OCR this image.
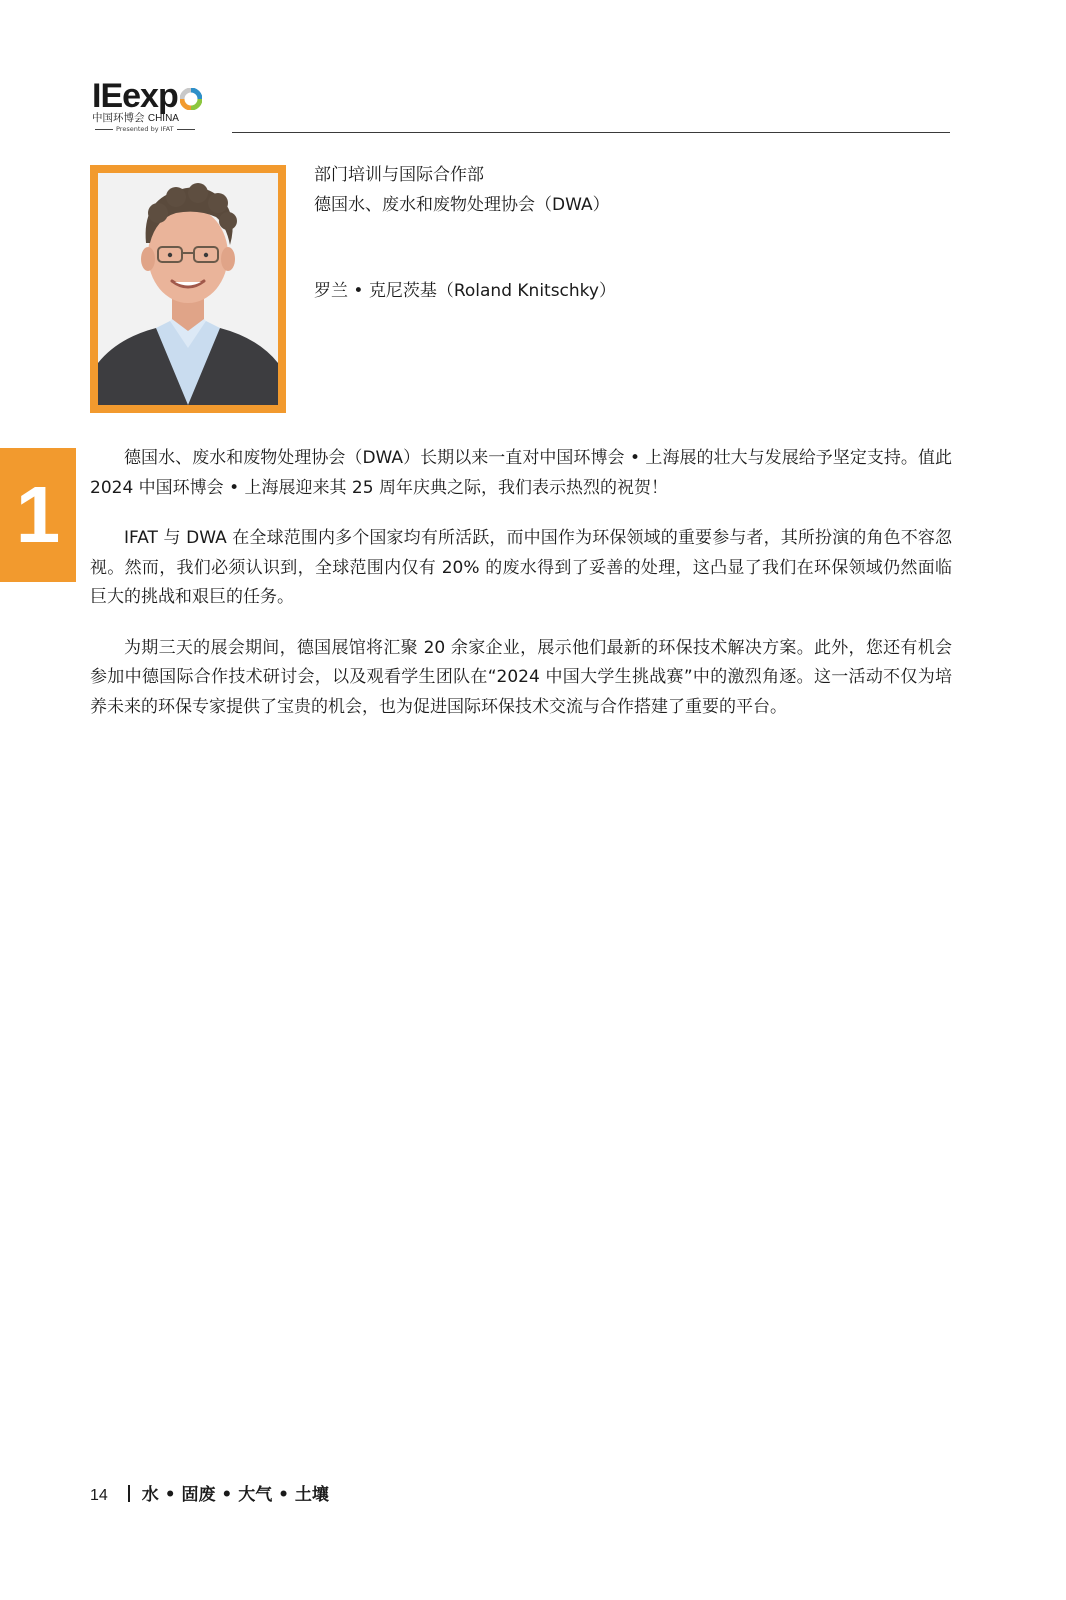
IEexp
中国环博会 CHINA
Presented by IFAT
部门培训与国际合作部
德国水、废水和废物处理协会（DWA）
罗兰 • 克尼茨基（Roland Knitschky）
1

德国水、废水和废物处理协会（DWA）长期以来一直对中国环博会 • 上海展的壮大与发展给予坚定支持。值此 2024 中国环博会 • 上海展迎来其 25 周年庆典之际，我们表示热烈的祝贺！

IFAT 与 DWA 在全球范围内多个国家均有所活跃，而中国作为环保领域的重要参与者，其所扮演的角色不容忽视。然而，我们必须认识到，全球范围内仅有 20% 的废水得到了妥善的处理，这凸显了我们在环保领域仍然面临巨大的挑战和艰巨的任务。

为期三天的展会期间，德国展馆将汇聚 20 余家企业，展示他们最新的环保技术解决方案。此外，您还有机会参加中德国际合作技术研讨会，以及观看学生团队在“2024 中国大学生挑战赛”中的激烈角逐。这一活动不仅为培养未来的环保专家提供了宝贵的机会，也为促进国际环保技术交流与合作搭建了重要的平台。

14 水 • 固废 • 大气 • 土壤
